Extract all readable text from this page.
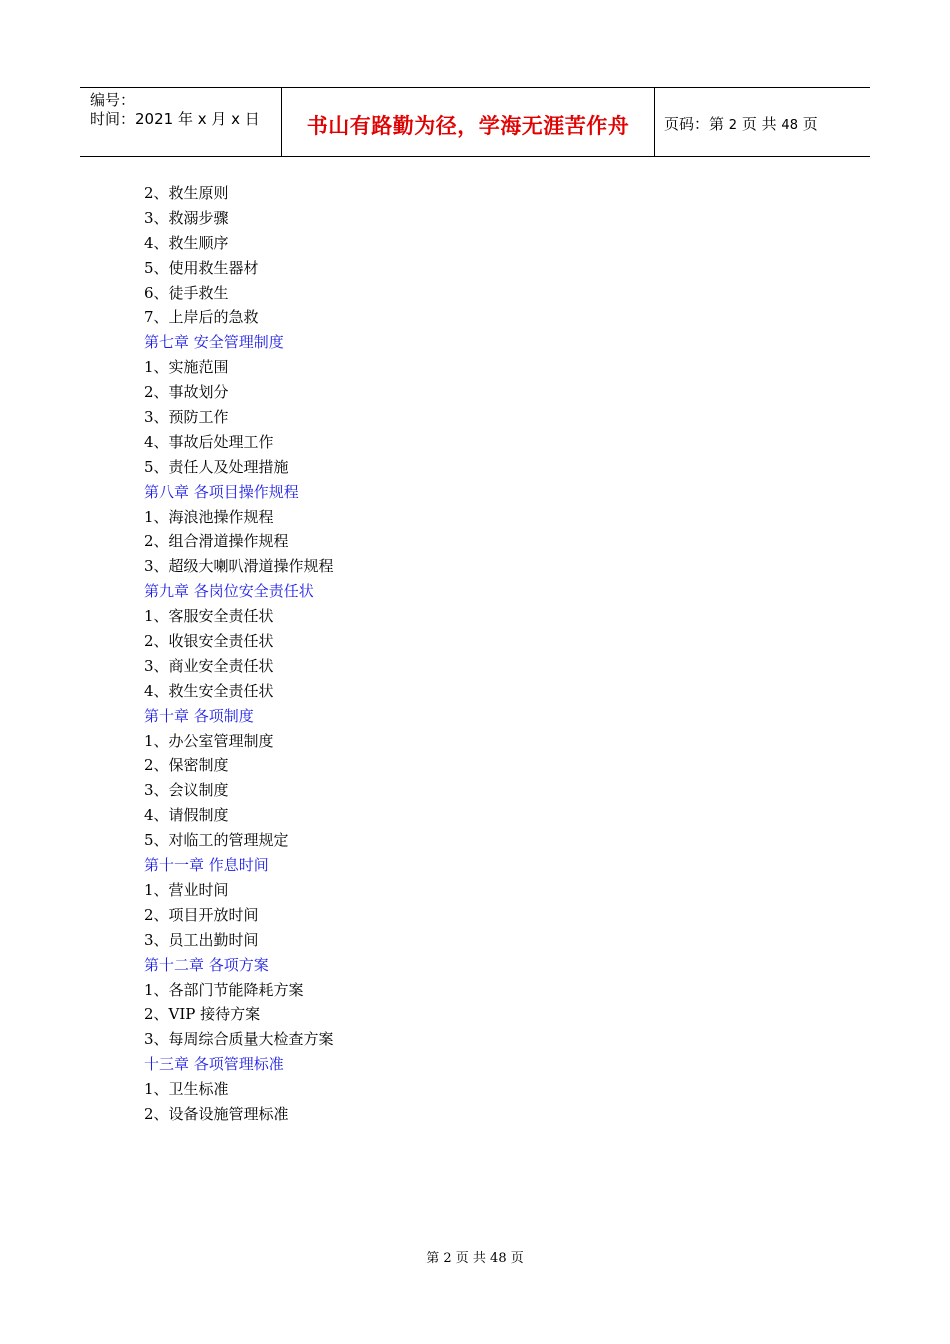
编号：
时间：2021 年 x 月 x 日	书山有路勤为径，学海无涯苦作舟	页码：第 2 页 共 48 页
2、救生原则
3、救溺步骤
4、救生顺序
5、使用救生器材
6、徒手救生
7、上岸后的急救
第七章 安全管理制度
1、实施范围
2、事故划分
3、预防工作
4、事故后处理工作
5、责任人及处理措施
第八章 各项目操作规程
1、海浪池操作规程
2、组合滑道操作规程
3、超级大喇叭滑道操作规程
第九章 各岗位安全责任状
1、客服安全责任状
2、收银安全责任状
3、商业安全责任状
4、救生安全责任状
第十章 各项制度
1、办公室管理制度
2、保密制度
3、会议制度
4、请假制度
5、对临工的管理规定
第十一章 作息时间
1、营业时间
2、项目开放时间
3、员工出勤时间
第十二章 各项方案
1、各部门节能降耗方案
2、VIP 接待方案
3、每周综合质量大检查方案
十三章 各项管理标准
1、卫生标准
2、设备设施管理标准
第 2 页 共 48 页
